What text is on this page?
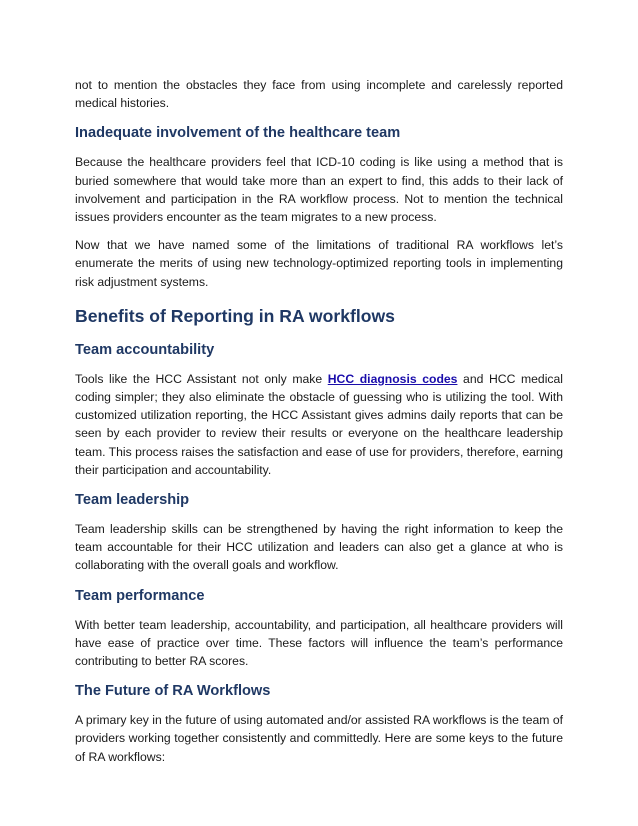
not to mention the obstacles they face from using incomplete and carelessly reported medical histories.

Inadequate involvement of the healthcare team

Because the healthcare providers feel that ICD-10 coding is like using a method that is buried somewhere that would take more than an expert to find, this adds to their lack of involvement and participation in the RA workflow process. Not to mention the technical issues providers encounter as the team migrates to a new process.

Now that we have named some of the limitations of traditional RA workflows let’s enumerate the merits of using new technology-optimized reporting tools in implementing risk adjustment systems.

Benefits of Reporting in RA workflows
Team accountability

Tools like the HCC Assistant not only make HCC diagnosis codes and HCC medical coding simpler; they also eliminate the obstacle of guessing who is utilizing the tool. With customized utilization reporting, the HCC Assistant gives admins daily reports that can be seen by each provider to review their results or everyone on the healthcare leadership team. This process raises the satisfaction and ease of use for providers, therefore, earning their participation and accountability.

Team leadership

Team leadership skills can be strengthened by having the right information to keep the team accountable for their HCC utilization and leaders can also get a glance at who is collaborating with the overall goals and workflow.

Team performance

With better team leadership, accountability, and participation, all healthcare providers will have ease of practice over time. These factors will influence the team’s performance contributing to better RA scores.

The Future of RA Workflows

A primary key in the future of using automated and/or assisted RA workflows is the team of providers working together consistently and committedly. Here are some keys to the future of RA workflows:
